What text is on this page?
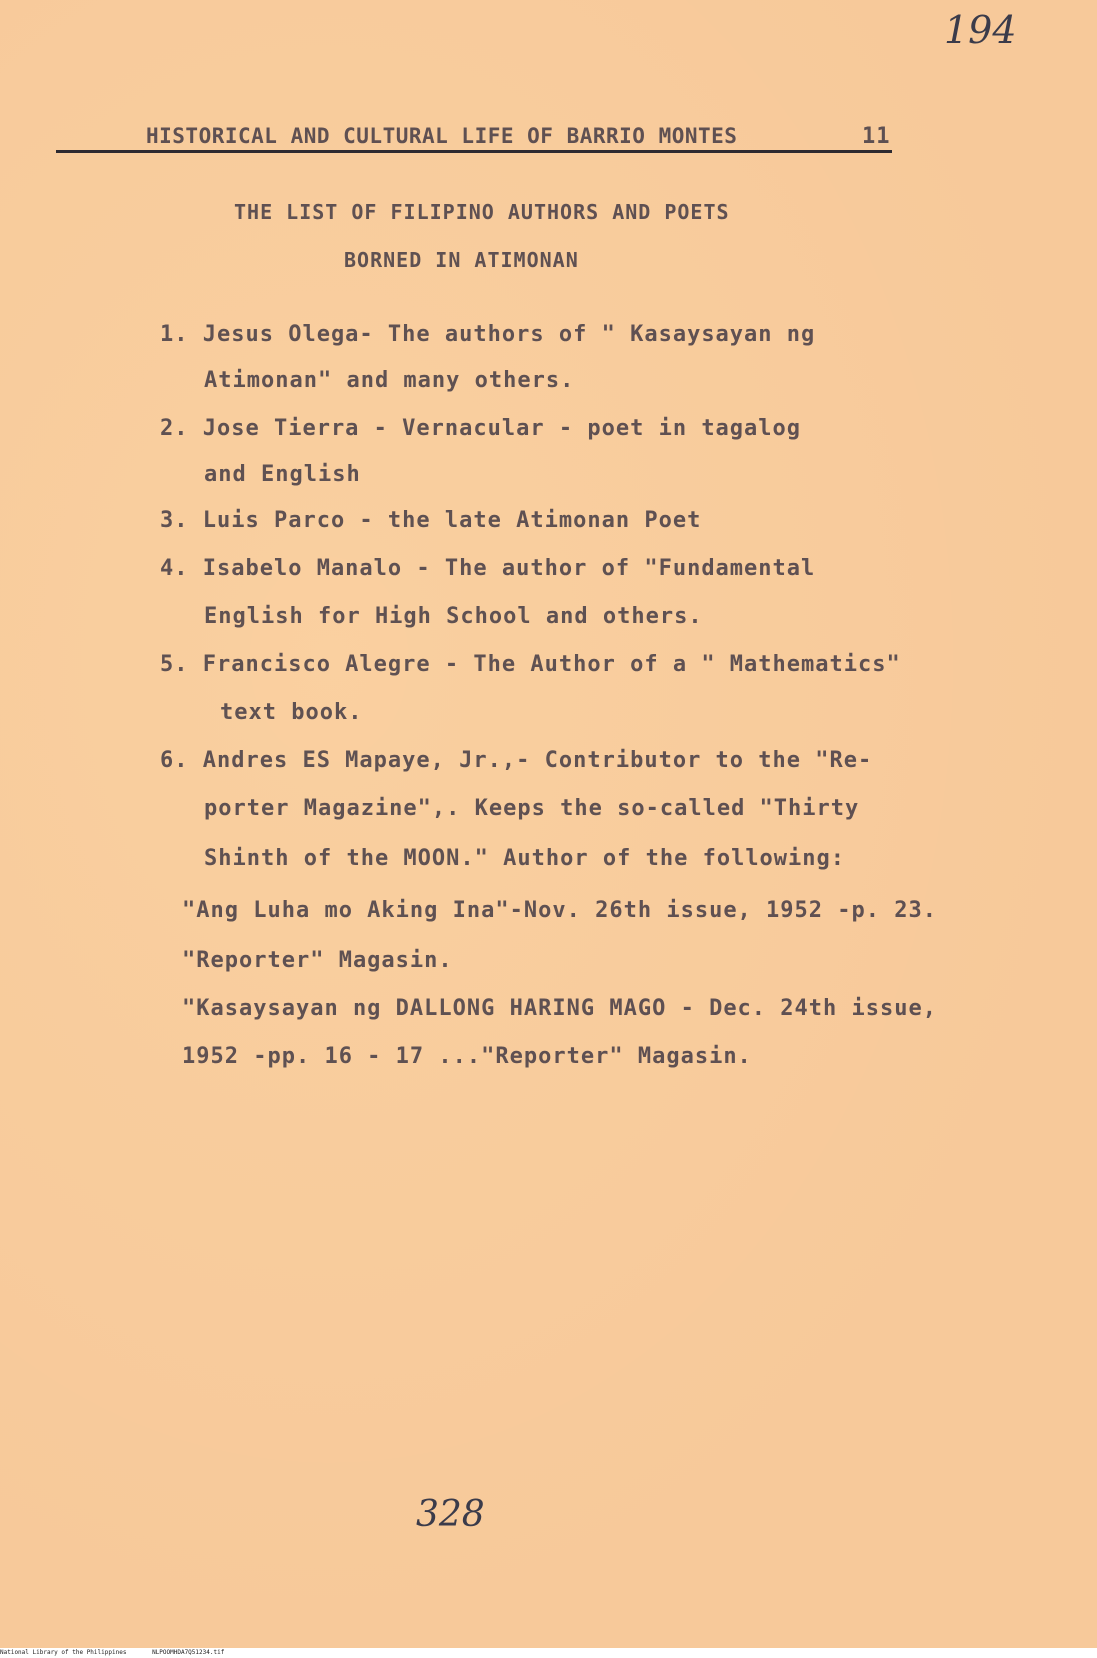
194
HISTORICAL AND CULTURAL LIFE OF BARRIO MONTES	11
THE LIST OF FILIPINO AUTHORS AND POETS
BORNED IN ATIMONAN
1. Jesus Olega- The authors of " Kasaysayan ng
Atimonan" and many others.
2. Jose Tierra - Vernacular - poet in tagalog
and English
3. Luis Parco - the late Atimonan Poet
4. Isabelo Manalo - The author of "Fundamental
English for High School and others.
5. Francisco Alegre - The Author of a " Mathematics"
text book.
6. Andres ES Mapaye, Jr.,- Contributor to the "Re-
porter Magazine",. Keeps the so-called "Thirty
Shinth of the MOON." Author of the following:
"Ang Luha mo Aking Ina"-Nov. 26th issue, 1952 -p. 23.
"Reporter" Magasin.
"Kasaysayan ng DALLONG HARING MAGO - Dec. 24th issue,
1952 -pp. 16 - 17 ..."Reporter" Magasin.
328
National Library of the Philippines	NLPOOMHDA7Q51234.tif
